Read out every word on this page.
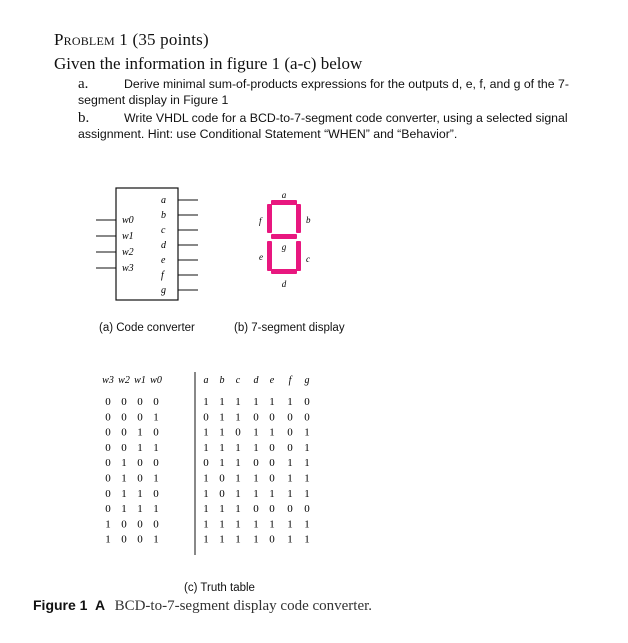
Problem 1 (35 points)
Given the information in figure 1 (a-c) below
a.	Derive minimal sum-of-products expressions for the outputs d, e, f, and g of the 7-segment display in Figure 1
b.	Write VHDL code for a BCD-to-7-segment code converter, using a selected signal assignment. Hint: use Conditional Statement “WHEN” and “Behavior”.
w0
w1
w2
w3
a
b
c
d
e
f
g
a
b
c
d
e
f
g
(a) Code converter	(b) 7-segment display
w3 w2 w1 w0	a b c d e f g
0 0 0 0	1 1 1 1 1 1 0
0 0 0 1	0 1 1 0 0 0 0
0 0 1 0	1 1 0 1 1 0 1
0 0 1 1	1 1 1 1 0 0 1
0 1 0 0	0 1 1 0 0 1 1
0 1 0 1	1 0 1 1 0 1 1
0 1 1 0	1 0 1 1 1 1 1
0 1 1 1	1 1 1 0 0 0 0
1 0 0 0	1 1 1 1 1 1 1
1 0 0 1	1 1 1 1 0 1 1
(c) Truth table
Figure 1 A BCD-to-7-segment display code converter.
